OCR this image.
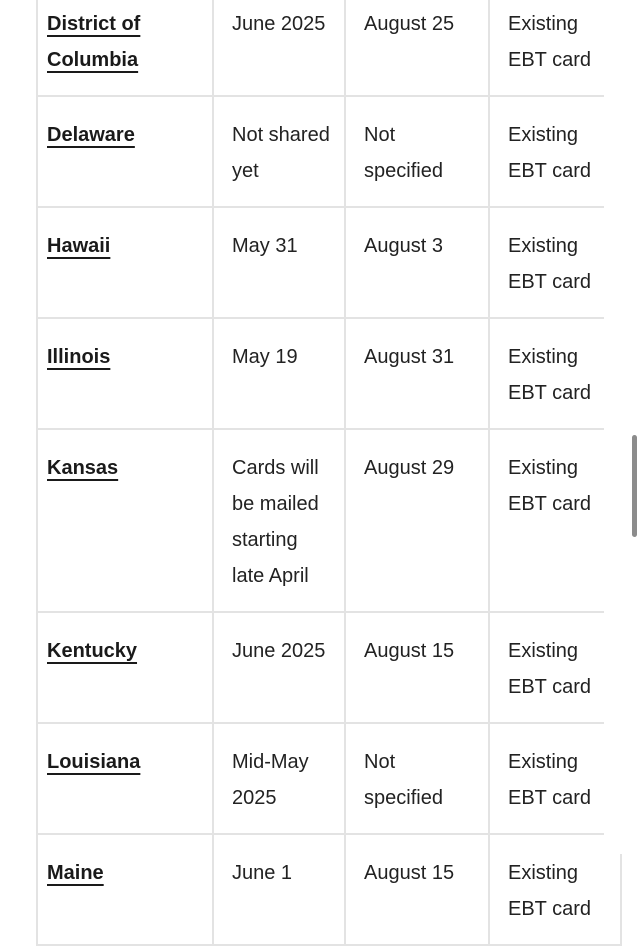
District of Columbia	June 2025	August 25	Existing EBT card
Delaware	Not shared yet	Not specified	Existing EBT card
Hawaii	May 31	August 3	Existing EBT card
Illinois	May 19	August 31	Existing EBT card
Kansas	Cards will be mailed starting late April	August 29	Existing EBT card
Kentucky	June 2025	August 15	Existing EBT card
Louisiana	Mid-May 2025	Not specified	Existing EBT card
Maine	June 1	August 15	Existing EBT card
